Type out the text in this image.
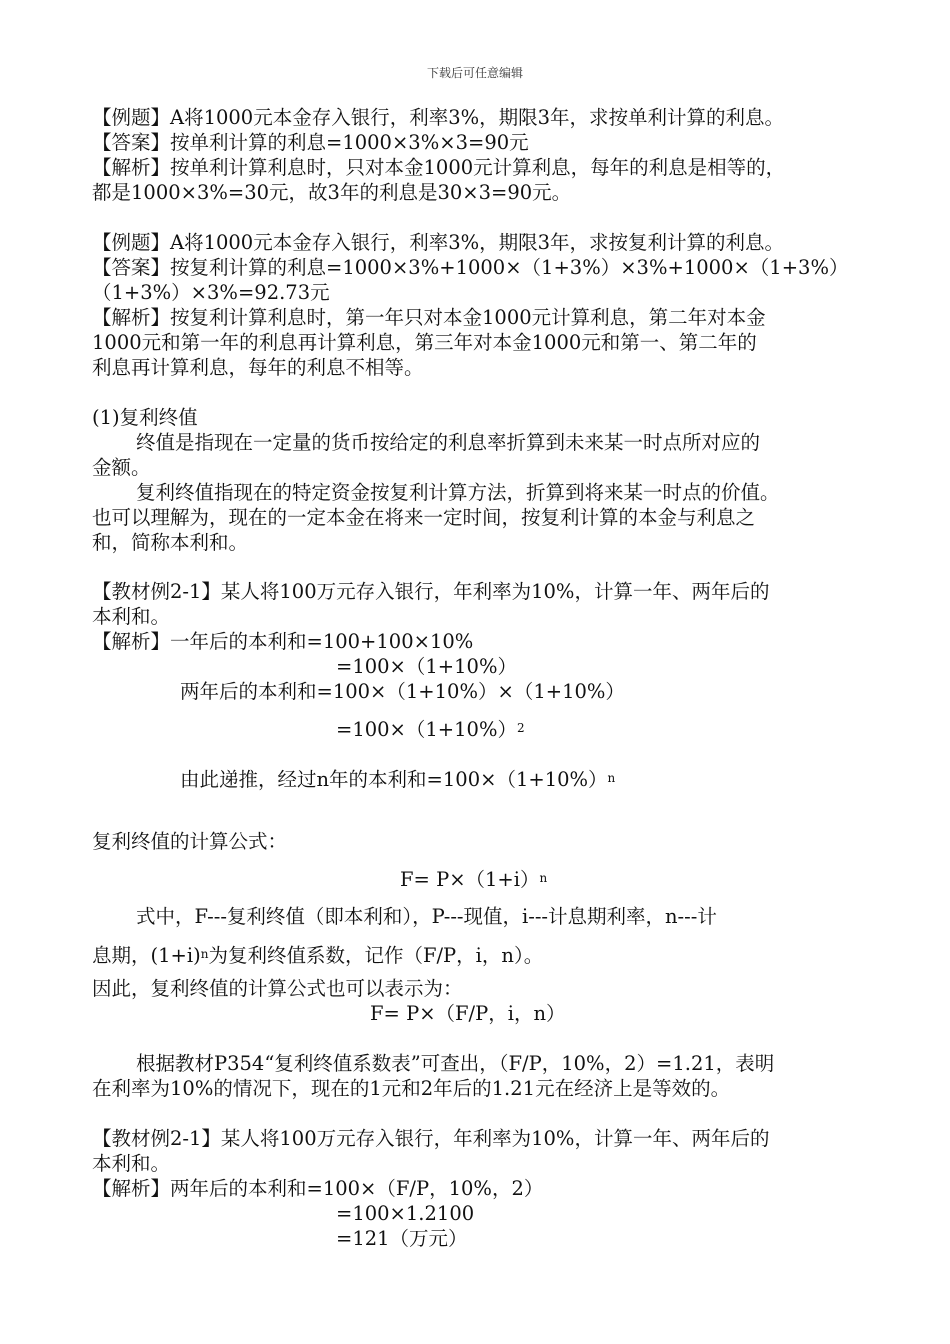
下载后可任意编辑
【例题】A将1000元本金存入银行，利率3%，期限3年，求按单利计算的利息。
【答案】按单利计算的利息=1000×3%×3=90元
【解析】按单利计算利息时，只对本金1000元计算利息，每年的利息是相等的，
都是1000×3%=30元，故3年的利息是30×3=90元。
【例题】A将1000元本金存入银行，利率3%，期限3年，求按复利计算的利息。
【答案】按复利计算的利息=1000×3%+1000×（1+3%）×3%+1000×（1+3%）
（1+3%）×3%=92.73元
【解析】按复利计算利息时，第一年只对本金1000元计算利息，第二年对本金
1000元和第一年的利息再计算利息，第三年对本金1000元和第一、第二年的
利息再计算利息，每年的利息不相等。
(1)复利终值
终值是指现在一定量的货币按给定的利息率折算到未来某一时点所对应的
金额。
复利终值指现在的特定资金按复利计算方法，折算到将来某一时点的价值。
也可以理解为，现在的一定本金在将来一定时间，按复利计算的本金与利息之
和，简称本利和。
【教材例2-1】某人将100万元存入银行，年利率为10%，计算一年、两年后的
本利和。
【解析】一年后的本利和=100+100×10%
=100×（1+10%）
两年后的本利和=100×（1+10%）×（1+10%）
$=100\times(1+10\%)^2$
由此递推，经过n年的本利和$=100\times(1+10\%)^n$
复利终值的计算公式：
$F= P\times(1+i)^n$
式中，F---复利终值（即本利和），P---现值，i---计息期利率，n---计
息期，$(1+i)^n$为复利终值系数，记作（F/P，i，n）。
因此，复利终值的计算公式也可以表示为：
F= P×（F/P，i，n）
根据教材P354“复利终值系数表”可查出，（F/P，10%，2）=1.21，表明
在利率为10%的情况下，现在的1元和2年后的1.21元在经济上是等效的。
【教材例2-1】某人将100万元存入银行，年利率为10%，计算一年、两年后的
本利和。
【解析】两年后的本利和=100×（F/P，10%，2）
=100×1.2100
=121（万元）
